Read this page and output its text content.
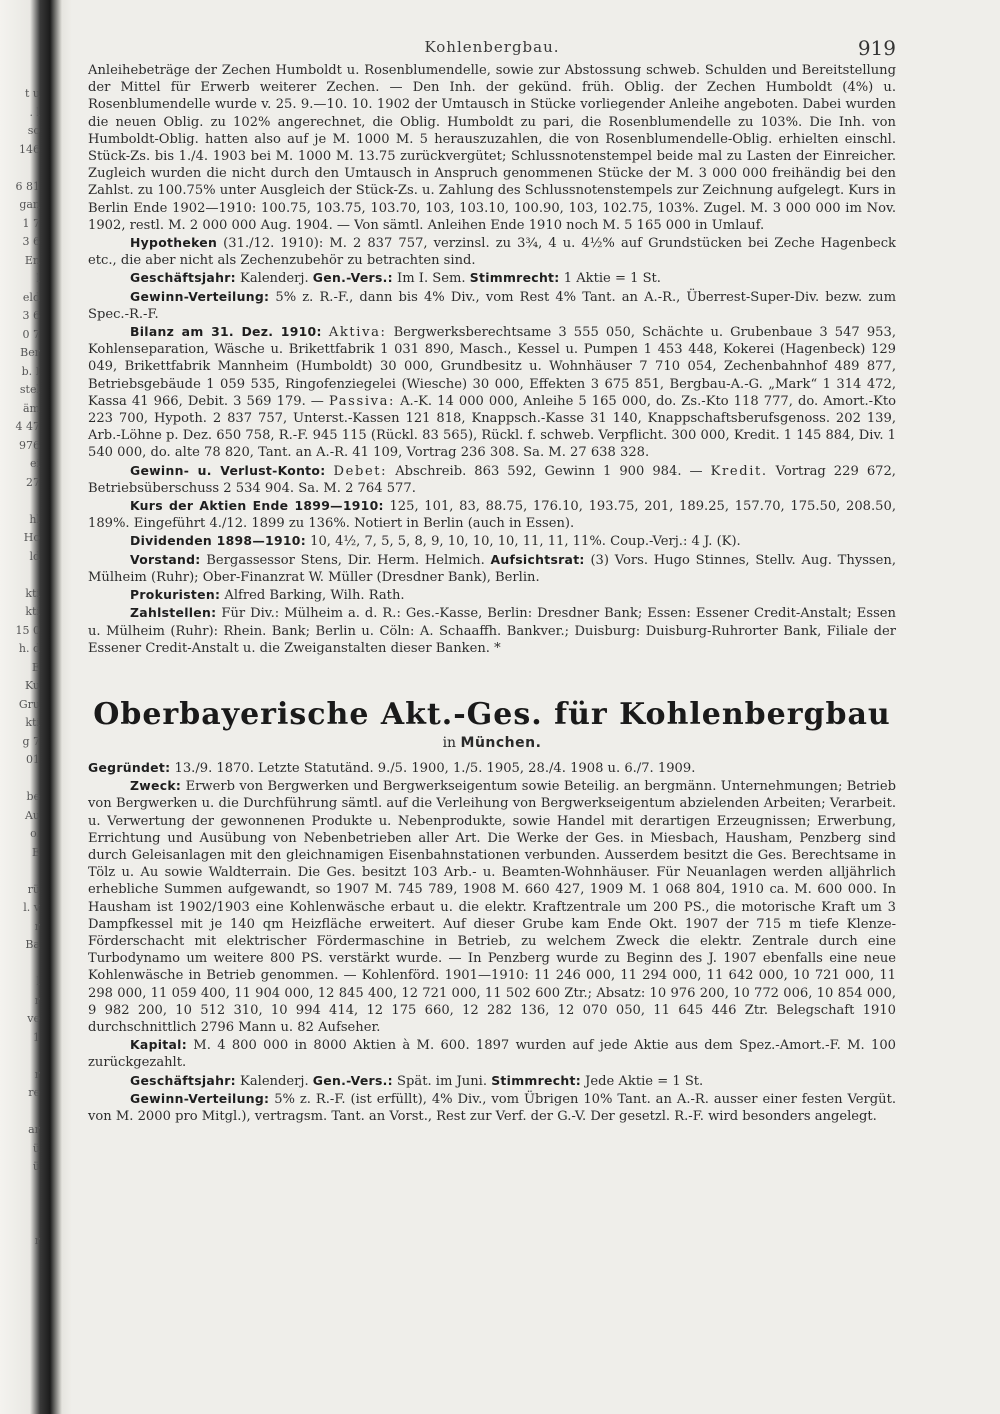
t u
. l
so
146
6 81
gan
1 7
3 6
En
l
eld
3 6
0 7
Ber
b. I
stel
äm
4 47
976
ei
27
hl
Ho
ld
kti
kti
15 0
h. d
E
Ku
Gru
kti
g 7
01
be
Au
o.
E
rü
l. v
r
Ba
l
r
ve
1
r
re
ar
ü
ü
r
Kohlenbergbau.	919

Anleihebeträge der Zechen Humboldt u. Rosenblumendelle, sowie zur Abstossung schweb. Schulden und Bereitstellung der Mittel für Erwerb weiterer Zechen. — Den Inh. der gekünd. früh. Oblig. der Zechen Humboldt (4%) u. Rosenblumendelle wurde v. 25. 9.—10. 10. 1902 der Umtausch in Stücke vorliegender Anleihe angeboten. Dabei wurden die neuen Oblig. zu 102% angerechnet, die Oblig. Humboldt zu pari, die Rosenblumendelle zu 103%. Die Inh. von Humboldt-Oblig. hatten also auf je M. 1000 M. 5 herauszuzahlen, die von Rosenblumendelle-Oblig. erhielten einschl. Stück-Zs. bis 1./4. 1903 bei M. 1000 M. 13.75 zurückvergütet; Schlussnotenstempel beide mal zu Lasten der Einreicher. Zugleich wurden die nicht durch den Umtausch in Anspruch genommenen Stücke der M. 3 000 000 freihändig bei den Zahlst. zu 100.75% unter Ausgleich der Stück-Zs. u. Zahlung des Schlussnotenstempels zur Zeichnung aufgelegt. Kurs in Berlin Ende 1902—1910: 100.75, 103.75, 103.70, 103, 103.10, 100.90, 103, 102.75, 103%. Zugel. M. 3 000 000 im Nov. 1902, restl. M. 2 000 000 Aug. 1904. — Von sämtl. Anleihen Ende 1910 noch M. 5 165 000 in Umlauf.

Hypotheken (31./12. 1910): M. 2 837 757, verzinsl. zu 3¾, 4 u. 4½% auf Grundstücken bei Zeche Hagenbeck etc., die aber nicht als Zechenzubehör zu betrachten sind.

Geschäftsjahr: Kalenderj. Gen.-Vers.: Im I. Sem. Stimmrecht: 1 Aktie = 1 St.

Gewinn-Verteilung: 5% z. R.-F., dann bis 4% Div., vom Rest 4% Tant. an A.-R., Überrest-Super-Div. bezw. zum Spec.-R.-F.

Bilanz am 31. Dez. 1910: Aktiva: Bergwerksberechtsame 3 555 050, Schächte u. Grubenbaue 3 547 953, Kohlenseparation, Wäsche u. Brikettfabrik 1 031 890, Masch., Kessel u. Pumpen 1 453 448, Kokerei (Hagenbeck) 129 049, Brikettfabrik Mannheim (Humboldt) 30 000, Grundbesitz u. Wohnhäuser 7 710 054, Zechenbahnhof 489 877, Betriebsgebäude 1 059 535, Ringofenziegelei (Wiesche) 30 000, Effekten 3 675 851, Bergbau-A.-G. „Mark“ 1 314 472, Kassa 41 966, Debit. 3 569 179. — Passiva: A.-K. 14 000 000, Anleihe 5 165 000, do. Zs.-Kto 118 777, do. Amort.-Kto 223 700, Hypoth. 2 837 757, Unterst.-Kassen 121 818, Knappsch.-Kasse 31 140, Knappschaftsberufsgenoss. 202 139, Arb.-Löhne p. Dez. 650 758, R.-F. 945 115 (Rückl. 83 565), Rückl. f. schweb. Verpflicht. 300 000, Kredit. 1 145 884, Div. 1 540 000, do. alte 78 820, Tant. an A.-R. 41 109, Vortrag 236 308. Sa. M. 27 638 328.

Gewinn- u. Verlust-Konto: Debet: Abschreib. 863 592, Gewinn 1 900 984. — Kredit. Vortrag 229 672, Betriebsüberschuss 2 534 904. Sa. M. 2 764 577.

Kurs der Aktien Ende 1899—1910: 125, 101, 83, 88.75, 176.10, 193.75, 201, 189.25, 157.70, 175.50, 208.50, 189%. Eingeführt 4./12. 1899 zu 136%. Notiert in Berlin (auch in Essen).

Dividenden 1898—1910: 10, 4½, 7, 5, 5, 8, 9, 10, 10, 10, 11, 11, 11%. Coup.-Verj.: 4 J. (K).

Vorstand: Bergassessor Stens, Dir. Herm. Helmich. Aufsichtsrat: (3) Vors. Hugo Stinnes, Stellv. Aug. Thyssen, Mülheim (Ruhr); Ober-Finanzrat W. Müller (Dresdner Bank), Berlin.

Prokuristen: Alfred Barking, Wilh. Rath.

Zahlstellen: Für Div.: Mülheim a. d. R.: Ges.-Kasse, Berlin: Dresdner Bank; Essen: Essener Credit-Anstalt; Essen u. Mülheim (Ruhr): Rhein. Bank; Berlin u. Cöln: A. Schaaffh. Bankver.; Duisburg: Duisburg-Ruhrorter Bank, Filiale der Essener Credit-Anstalt u. die Zweiganstalten dieser Banken. *

Oberbayerische Akt.-Ges. für Kohlenbergbau
in München.

Gegründet: 13./9. 1870. Letzte Statutänd. 9./5. 1900, 1./5. 1905, 28./4. 1908 u. 6./7. 1909.

Zweck: Erwerb von Bergwerken und Bergwerkseigentum sowie Beteilig. an bergmänn. Unternehmungen; Betrieb von Bergwerken u. die Durchführung sämtl. auf die Verleihung von Bergwerkseigentum abzielenden Arbeiten; Verarbeit. u. Verwertung der gewonnenen Produkte u. Nebenprodukte, sowie Handel mit derartigen Erzeugnissen; Erwerbung, Errichtung und Ausübung von Nebenbetrieben aller Art. Die Werke der Ges. in Miesbach, Hausham, Penzberg sind durch Geleisanlagen mit den gleichnamigen Eisenbahnstationen verbunden. Ausserdem besitzt die Ges. Berechtsame in Tölz u. Au sowie Waldterrain. Die Ges. besitzt 103 Arb.- u. Beamten-Wohnhäuser. Für Neuanlagen werden alljährlich erhebliche Summen aufgewandt, so 1907 M. 745 789, 1908 M. 660 427, 1909 M. 1 068 804, 1910 ca. M. 600 000. In Hausham ist 1902/1903 eine Kohlenwäsche erbaut u. die elektr. Kraftzentrale um 200 PS., die motorische Kraft um 3 Dampfkessel mit je 140 qm Heizfläche erweitert. Auf dieser Grube kam Ende Okt. 1907 der 715 m tiefe Klenze-Förderschacht mit elektrischer Fördermaschine in Betrieb, zu welchem Zweck die elektr. Zentrale durch eine Turbodynamo um weitere 800 PS. verstärkt wurde. — In Penzberg wurde zu Beginn des J. 1907 ebenfalls eine neue Kohlenwäsche in Betrieb genommen. — Kohlenförd. 1901—1910: 11 246 000, 11 294 000, 11 642 000, 10 721 000, 11 298 000, 11 059 400, 11 904 000, 12 845 400, 12 721 000, 11 502 600 Ztr.; Absatz: 10 976 200, 10 772 006, 10 854 000, 9 982 200, 10 512 310, 10 994 414, 12 175 660, 12 282 136, 12 070 050, 11 645 446 Ztr. Belegschaft 1910 durchschnittlich 2796 Mann u. 82 Aufseher.

Kapital: M. 4 800 000 in 8000 Aktien à M. 600. 1897 wurden auf jede Aktie aus dem Spez.-Amort.-F. M. 100 zurückgezahlt.

Geschäftsjahr: Kalenderj. Gen.-Vers.: Spät. im Juni. Stimmrecht: Jede Aktie = 1 St.

Gewinn-Verteilung: 5% z. R.-F. (ist erfüllt), 4% Div., vom Übrigen 10% Tant. an A.-R. ausser einer festen Vergüt. von M. 2000 pro Mitgl.), vertragsm. Tant. an Vorst., Rest zur Verf. der G.-V. Der gesetzl. R.-F. wird besonders angelegt.
